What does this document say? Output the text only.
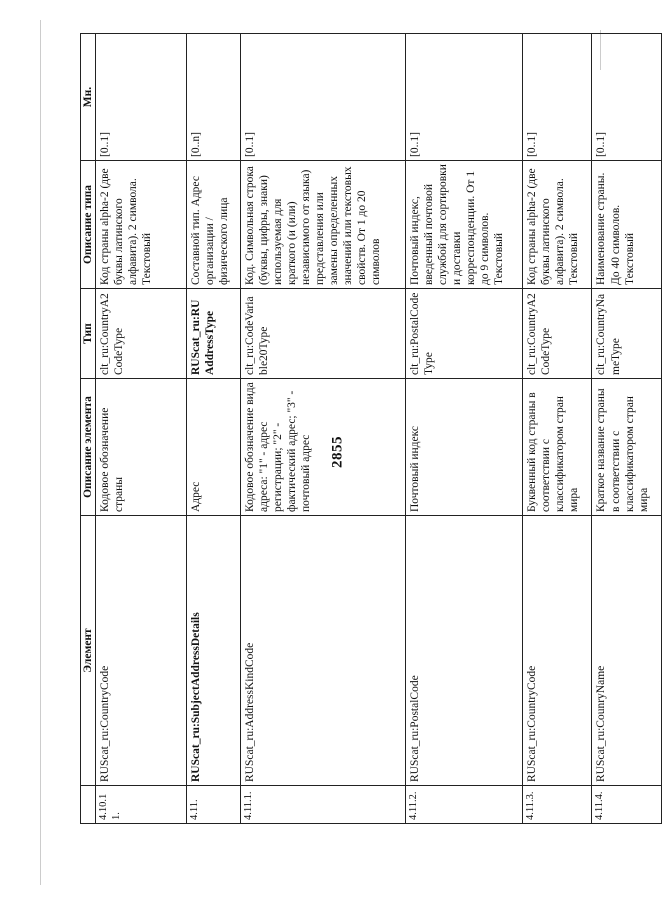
2855
	Элемент	Описание элемента	Тип	Описание типа	Мн.
4.10.11.	RUScat_ru:CountryCode	Кодовое обозначение страны	clt_ru:CountryA2CodeType	Код страны alpha-2 (две буквы латинского алфавита). 2 символа. Текстовый	[0..1]
4.11.	RUScat_ru:SubjectAddressDetails	Адрес	RUScat_ru:RUAddressType	Составной тип. Адрес организации / физического лица	[0..n]
4.11.1.	RUScat_ru:AddressKindCode	Кодовое обозначение вида адреса: "1" - адрес регистрации; "2" - фактический адрес; "3" - почтовый адрес	clt_ru:CodeVariable20Type	Код. Символьная строка (буквы, цифры, знаки) используемая для краткого (и (или) независимого от языка) представления или замены определенных значений или текстовых свойств. От 1 до 20 символов	[0..1]
4.11.2.	RUScat_ru:PostalCode	Почтовый индекс	clt_ru:PostalCodeType	Почтовый индекс, введенный почтовой службой для сортировки и доставки корреспонденции. От 1 до 9 символов. Текстовый	[0..1]
4.11.3.	RUScat_ru:CountryCode	Буквенный код страны в соответствии с классификатором стран мира	clt_ru:CountryA2CodeType	Код страны alpha-2 (две буквы латинского алфавита). 2 символа. Текстовый	[0..1]
4.11.4.	RUScat_ru:CounryName	Краткое название страны в соответствии с классификатором стран мира	clt_ru:CountryNameType	Наименование страны. До 40 символов. Текстовый	[0..1]
